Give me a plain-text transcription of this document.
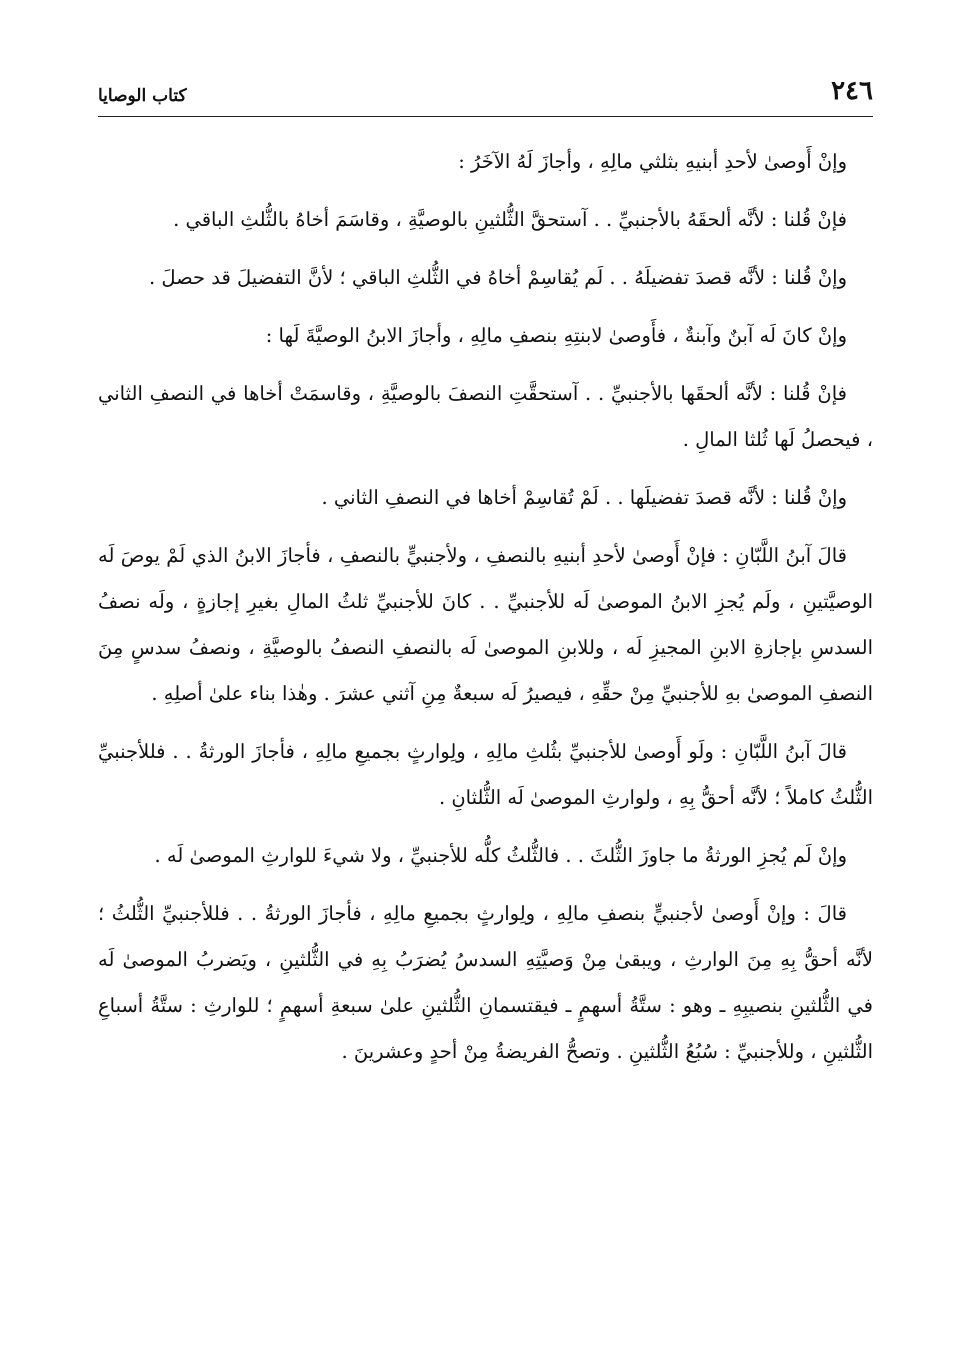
٢٤٦
كتاب الوصايا

وإنْ أَوصىٰ لأحدِ أبنيهِ بثلثي مالِهِ ، وأجازَ لَهُ الآخَرُ :

فإنْ قُلنا : لأنَّه ألحقَهُ بالأجنبيِّ . . آستحقَّ الثُّلثينِ بالوصيَّةِ ، وقاسَمَ أخاهُ بالثُّلثِ الباقي .

وإنْ قُلنا : لأنَّه قصدَ تفضيلَهُ . . لَم يُقاسِمْ أخاهُ في الثُّلثِ الباقي ؛ لأنَّ التفضيلَ قد حصلَ .

وإنْ كانَ لَه آبنٌ وآبنةٌ ، فأَوصىٰ لابنتِهِ بنصفِ مالِهِ ، وأجازَ الابنُ الوصيَّةَ لَها :

فإنْ قُلنا : لأنَّه ألحقَها بالأجنبيِّ . . آستحقَّتِ النصفَ بالوصيَّةِ ، وقاسمَتْ أخاها في النصفِ الثاني ، فيحصلُ لَها ثُلثا المالِ .

وإنْ قُلنا : لأنَّه قصدَ تفضيلَها . . لَمْ تُقاسِمْ أخاها في النصفِ الثاني .

قالَ آبنُ اللَّبّانِ : فإنْ أَوصىٰ لأحدِ أبنيهِ بالنصفِ ، ولأجنبيٍّ بالنصفِ ، فأجازَ الابنُ الذي لَمْ يوصَ لَه الوصيَّتينِ ، ولَم يُجزِ الابنُ الموصىٰ لَه للأجنبيِّ . . كانَ للأجنبيِّ ثلثُ المالِ بغيرِ إجازةٍ ، ولَه نصفُ السدسِ بإجازةِ الابنِ المجيزِ لَه ، وللابنِ الموصىٰ لَه بالنصفِ النصفُ بالوصيَّةِ ، ونصفُ سدسٍ مِنَ النصفِ الموصىٰ بهِ للأجنبيِّ مِنْ حقِّهِ ، فيصيرُ لَه سبعةٌ مِنِ آثني عشرَ . وهٰذا بناء علىٰ أصلِهِ .

قالَ آبنُ اللَّبّانِ : ولَو أَوصىٰ للأجنبيِّ بثُلثِ مالِهِ ، ولِوارثٍ بجميعِ مالِهِ ، فأجازَ الورثةُ . . فللأجنبيِّ الثُّلثُ كاملاً ؛ لأنَّه أحقُّ بِهِ ، ولوارثِ الموصىٰ لَه الثُّلثانِ .

وإنْ لَم يُجزِ الورثةُ ما جاوزَ الثُّلثَ . . فالثُّلثُ كلُّه للأجنبيِّ ، ولا شيءَ للوارثِ الموصىٰ لَه .

قالَ : وإنْ أَوصىٰ لأجنبيٍّ بنصفِ مالِهِ ، ولِوارثٍ بجميعِ مالِهِ ، فأجازَ الورثةُ . . فللأجنبيِّ الثُّلثُ ؛ لأنَّه أحقُّ بِهِ مِنَ الوارثِ ، ويبقىٰ مِنْ وَصيَّتِهِ السدسُ يُضرَبُ بِهِ في الثُّلثينِ ، ويَضربُ الموصىٰ لَه في الثُّلثينِ بنصيبِهِ ـ وهو : ستَّةُ أسهمٍ ـ فيقتسمانِ الثُّلثينِ علىٰ سبعةِ أسهمٍ ؛ للوارثِ : ستَّةُ أسباعِ الثُّلثينِ ، وللأجنبيِّ : سُبُعُ الثُّلثينِ . وتصحُّ الفريضةُ مِنْ أحدٍ وعشرينَ .
